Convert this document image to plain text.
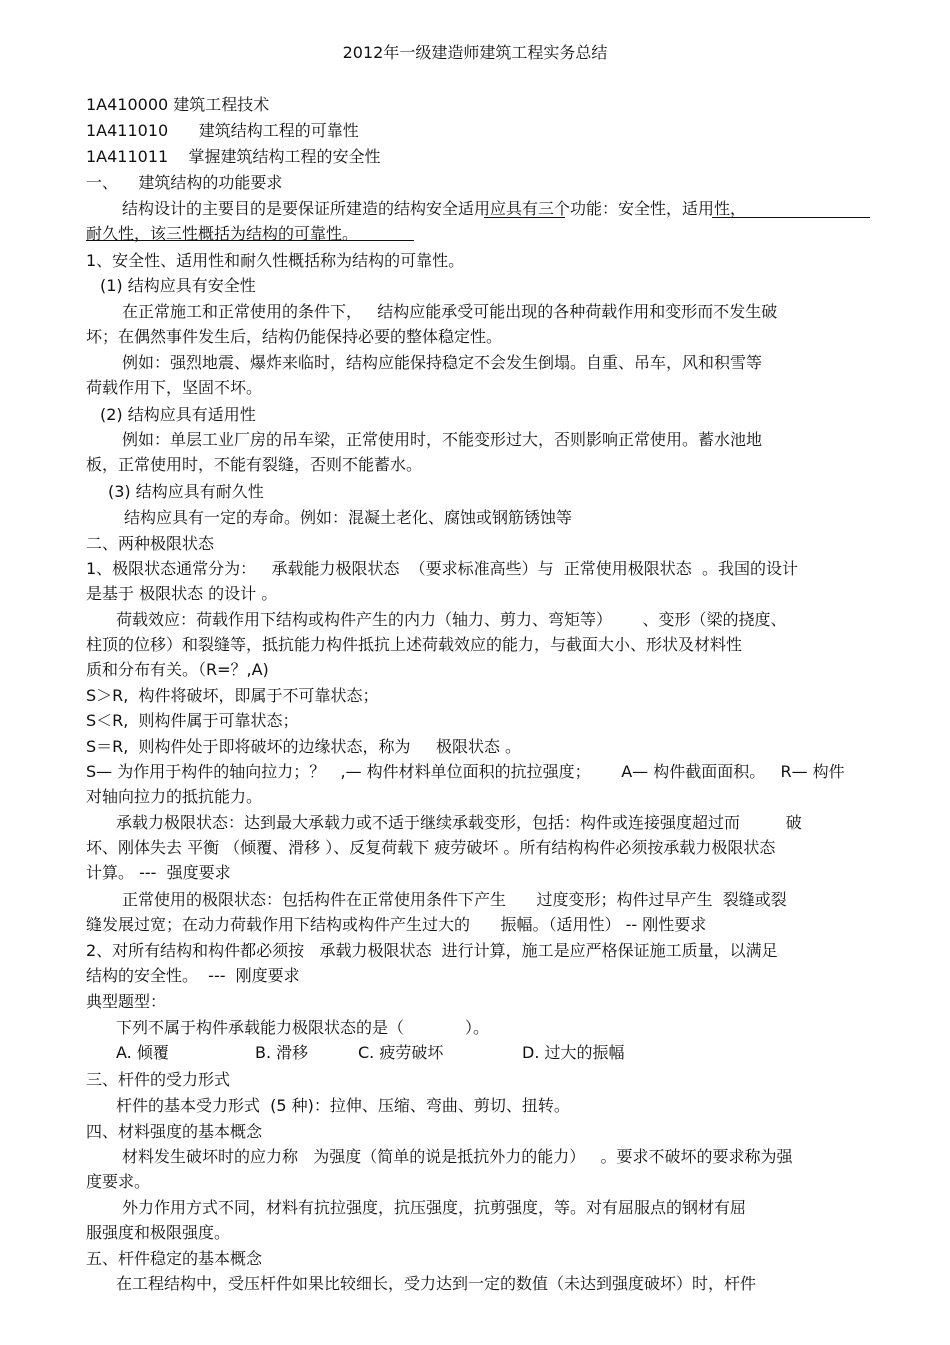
2012年一级建造师建筑工程实务总结
1A410000 建筑工程技术
1A411010      建筑结构工程的可靠性
1A411011    掌握建筑结构工程的安全性
一、    建筑结构的功能要求
结构设计的主要目的是要保证所建造的结构安全适用应具有三个功能：安全性，适用性，
耐久性，该三性概括为结构的可靠性。
1、安全性、适用性和耐久性概括称为结构的可靠性。
(1) 结构应具有安全性
在正常施工和正常使用的条件下，   结构应能承受可能出现的各种荷载作用和变形而不发生破
坏；在偶然事件发生后，结构仍能保持必要的整体稳定性。
例如：强烈地震、爆炸来临时，结构应能保持稳定不会发生倒塌。自重、吊车，风和积雪等
荷载作用下，坚固不坏。
(2) 结构应具有适用性
例如：单层工业厂房的吊车梁，正常使用时，不能变形过大，否则影响正常使用。蓄水池地
板，正常使用时，不能有裂缝，否则不能蓄水。
(3) 结构应具有耐久性
结构应具有一定的寿命。例如：混凝土老化、腐蚀或钢筋锈蚀等
二、两种极限状态
1、极限状态通常分为：   承载能力极限状态  （要求标准高些）与  正常使用极限状态  。我国的设计
是基于 极限状态 的设计 。
荷载效应：荷载作用下结构或构件产生的内力（轴力、剪力、弯矩等）      、变形（梁的挠度、
柱顶的位移）和裂缝等，抵抗能力构件抵抗上述荷载效应的能力，与截面大小、形状及材料性
质和分布有关。（R=？,A)
S＞R,  构件将破坏，即属于不可靠状态；
S＜R,  则构件属于可靠状态；
S＝R,  则构件处于即将破坏的边缘状态，称为     极限状态 。
S— 为作用于构件的轴向拉力；？   ,— 构件材料单位面积的抗拉强度；      A— 构件截面面积。   R— 构件
对轴向拉力的抵抗能力。
承载力极限状态：达到最大承载力或不适于继续承载变形，包括：构件或连接强度超过而         破
坏、刚体失去 平衡 （倾覆、滑移 ）、反复荷载下 疲劳破坏 。所有结构构件必须按承载力极限状态
计算。 ---  强度要求
正常使用的极限状态：包括构件在正常使用条件下产生      过度变形；构件过早产生  裂缝或裂
缝发展过宽；在动力荷载作用下结构或构件产生过大的      振幅。（适用性） -- 刚性要求
2、对所有结构和构件都必须按   承载力极限状态  进行计算，施工是应严格保证施工质量，以满足
结构的安全性。  ---  刚度要求
典型题型：
下列不属于构件承载能力极限状态的是（            ）。
三、杆件的受力形式
杆件的基本受力形式  (5 种)：拉伸、压缩、弯曲、剪切、扭转。
四、材料强度的基本概念
材料发生破坏时的应力称   为强度（简单的说是抵抗外力的能力）   。要求不破坏的要求称为强
度要求。
外力作用方式不同，材料有抗拉强度，抗压强度，抗剪强度，等。对有屈服点的钢材有屈
服强度和极限强度。
五、杆件稳定的基本概念
在工程结构中，受压杆件如果比较细长，受力达到一定的数值（未达到强度破坏）时，杆件
A. 倾覆	B. 滑移	C. 疲劳破坏	D. 过大的振幅
